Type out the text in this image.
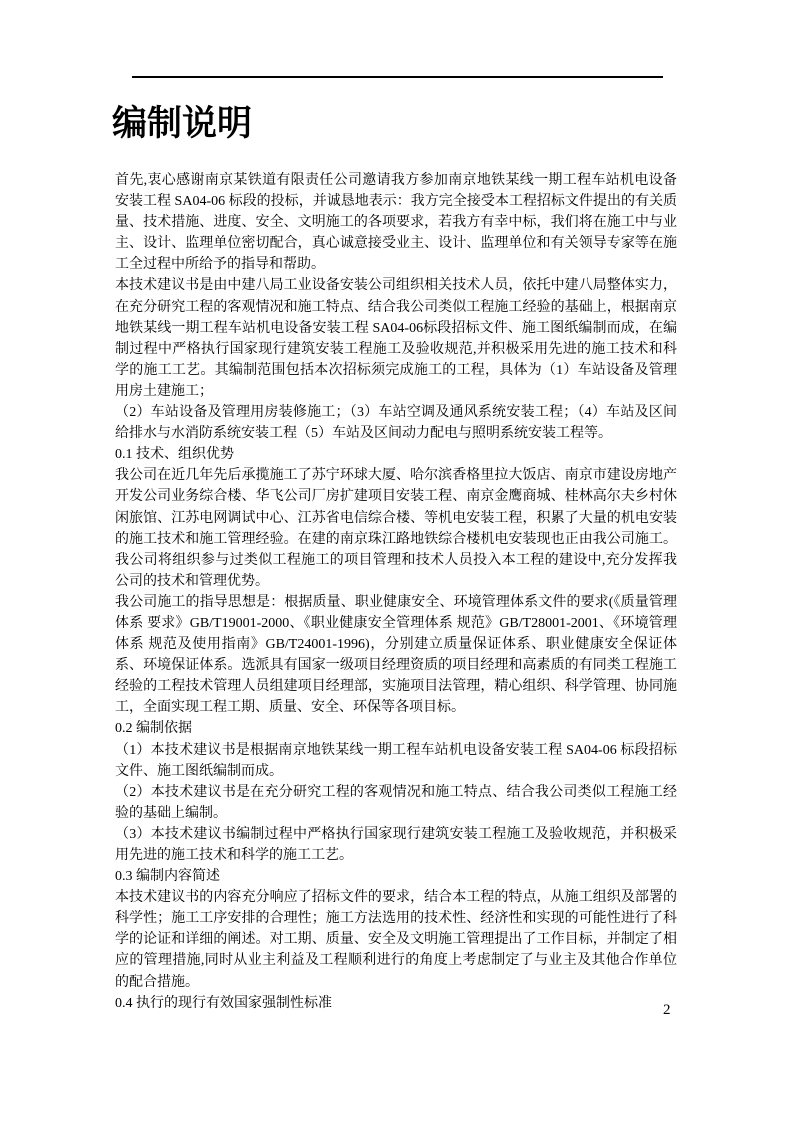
编制说明

首先,衷心感谢南京某铁道有限责任公司邀请我方参加南京地铁某线一期工程车站机电设备安装工程 SA04-06 标段的投标，并诚恳地表示：我方完全接受本工程招标文件提出的有关质量、技术措施、进度、安全、文明施工的各项要求，若我方有幸中标，我们将在施工中与业主、设计、监理单位密切配合，真心诚意接受业主、设计、监理单位和有关领导专家等在施工全过程中所给予的指导和帮助。

本技术建议书是由中建八局工业设备安装公司组织相关技术人员，依托中建八局整体实力，在充分研究工程的客观情况和施工特点、结合我公司类似工程施工经验的基础上，根据南京地铁某线一期工程车站机电设备安装工程 SA04-06标段招标文件、施工图纸编制而成，在编制过程中严格执行国家现行建筑安装工程施工及验收规范,并积极采用先进的施工技术和科学的施工工艺。其编制范围包括本次招标须完成施工的工程，具体为（1）车站设备及管理用房土建施工；

（2）车站设备及管理用房装修施工；（3）车站空调及通风系统安装工程；（4）车站及区间给排水与水消防系统安装工程（5）车站及区间动力配电与照明系统安装工程等。

0.1 技术、组织优势

我公司在近几年先后承揽施工了苏宁环球大厦、哈尔滨香格里拉大饭店、南京市建设房地产开发公司业务综合楼、华飞公司厂房扩建项目安装工程、南京金鹰商城、桂林高尔夫乡村休闲旅馆、江苏电网调试中心、江苏省电信综合楼、等机电安装工程，积累了大量的机电安装的施工技术和施工管理经验。在建的南京珠江路地铁综合楼机电安装现也正由我公司施工。我公司将组织参与过类似工程施工的项目管理和技术人员投入本工程的建设中,充分发挥我公司的技术和管理优势。

我公司施工的指导思想是：根据质量、职业健康安全、环境管理体系文件的要求(《质量管理体系 要求》GB/T19001-2000、《职业健康安全管理体系 规范》GB/T28001-2001、《环境管理体系 规范及使用指南》GB/T24001-1996)，分别建立质量保证体系、职业健康安全保证体系、环境保证体系。选派具有国家一级项目经理资质的项目经理和高素质的有同类工程施工经验的工程技术管理人员组建项目经理部，实施项目法管理，精心组织、科学管理、协同施工，全面实现工程工期、质量、安全、环保等各项目标。

0.2 编制依据

（1）本技术建议书是根据南京地铁某线一期工程车站机电设备安装工程 SA04-06 标段招标文件、施工图纸编制而成。

（2）本技术建议书是在充分研究工程的客观情况和施工特点、结合我公司类似工程施工经验的基础上编制。

（3）本技术建议书编制过程中严格执行国家现行建筑安装工程施工及验收规范，并积极采用先进的施工技术和科学的施工工艺。

0.3 编制内容简述

本技术建议书的内容充分响应了招标文件的要求，结合本工程的特点，从施工组织及部署的科学性；施工工序安排的合理性；施工方法选用的技术性、经济性和实现的可能性进行了科学的论证和详细的阐述。对工期、质量、安全及文明施工管理提出了工作目标，并制定了相应的管理措施,同时从业主利益及工程顺利进行的角度上考虑制定了与业主及其他合作单位的配合措施。

0.4 执行的现行有效国家强制性标准	2
